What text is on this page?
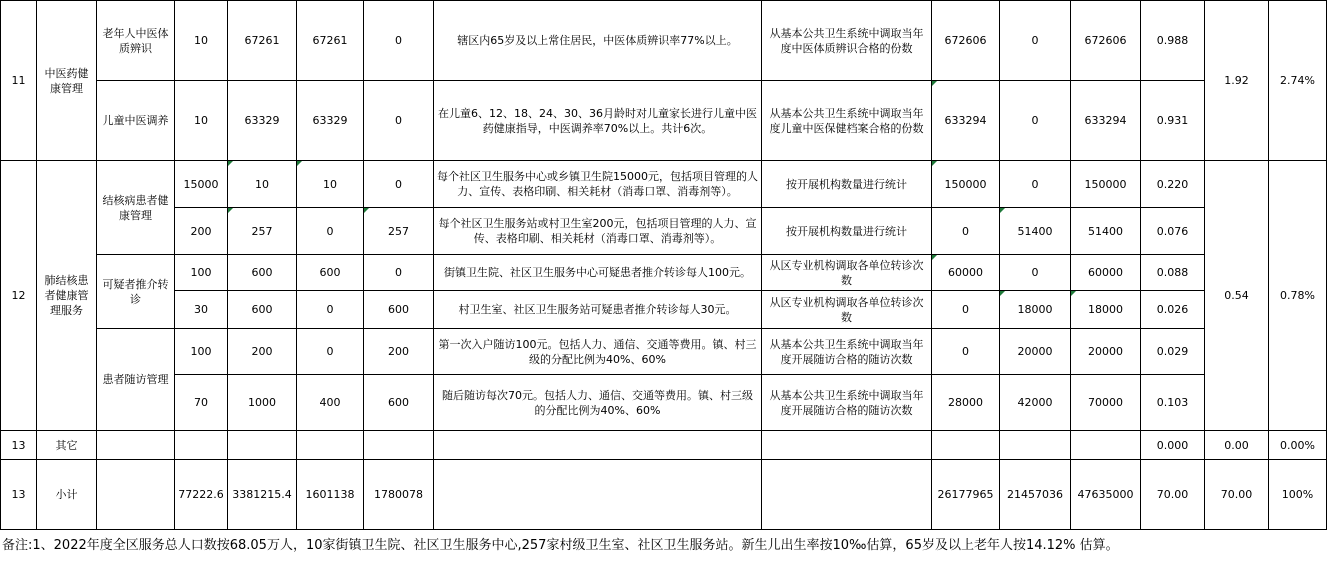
11	中医药健康管理	老年人中医体质辨识	10	67261	67261	0	辖区内65岁及以上常住居民，中医体质辨识率77%以上。	从基本公共卫生系统中调取当年度中医体质辨识合格的份数	672606	0	672606	0.988	1.92	2.74%
		儿童中医调养	10	63329	63329	0	在儿童6、12、18、24、30、36月龄时对儿童家长进行儿童中医药健康指导，中医调养率70%以上。共计6次。	从基本公共卫生系统中调取当年度儿童中医保健档案合格的份数	633294	0	633294	0.931		
12	肺结核患者健康管理服务	结核病患者健康管理	15000	10	10	0	每个社区卫生服务中心或乡镇卫生院15000元，包括项目管理的人力、宣传、表格印刷、相关耗材（消毒口罩、消毒剂等）。	按开展机构数量进行统计	150000	0	150000	0.220	0.54	0.78%
			200	257	0	257	每个社区卫生服务站或村卫生室200元，包括项目管理的人力、宣传、表格印刷、相关耗材（消毒口罩、消毒剂等）。	按开展机构数量进行统计	0	51400	51400	0.076		
		可疑者推介转诊	100	600	600	0	街镇卫生院、社区卫生服务中心可疑患者推介转诊每人100元。	从区专业机构调取各单位转诊次数	60000	0	60000	0.088		
			30	600	0	600	村卫生室、社区卫生服务站可疑患者推介转诊每人30元。	从区专业机构调取各单位转诊次数	0	18000	18000	0.026		
		患者随访管理	100	200	0	200	第一次入户随访100元。包括人力、通信、交通等费用。镇、村三级的分配比例为40%、60%	从基本公共卫生系统中调取当年度开展随访合格的随访次数	0	20000	20000	0.029		
			70	1000	400	600	随后随访每次70元。包括人力、通信、交通等费用。镇、村三级的分配比例为40%、60%	从基本公共卫生系统中调取当年度开展随访合格的随访次数	28000	42000	70000	0.103		
13	其它											0.000	0.00	0.00%
13	小计		77222.6	3381215.4	1601138	1780078			26177965	21457036	47635000	70.00	70.00	100%
备注:1、2022年度全区服务总人口数按68.05万人，10家街镇卫生院、社区卫生服务中心,257家村级卫生室、社区卫生服务站。新生儿出生率按10‰估算，65岁及以上老年人按14.12% 估算。
